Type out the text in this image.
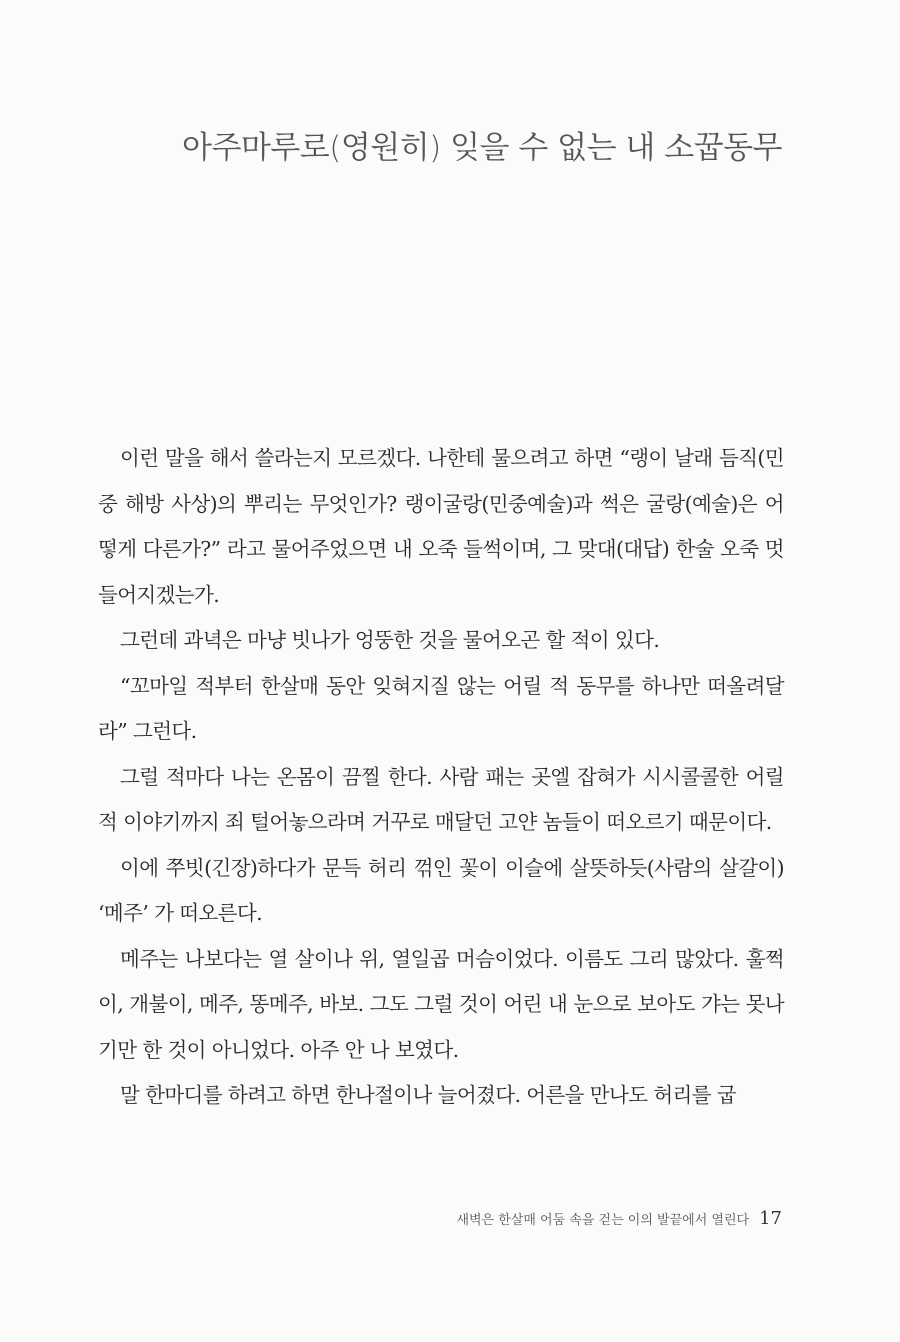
아주마루로(영원히) 잊을 수 없는 내 소꿉동무

이런 말을 해서 쓸라는지 모르겠다. 나한테 물으려고 하면 “랭이 날래 듬직(민중 해방 사상)의 뿌리는 무엇인가? 랭이굴랑(민중예술)과 썩은 굴랑(예술)은 어떻게 다른가?” 라고 물어주었으면 내 오죽 들썩이며, 그 맞대(대답) 한술 오죽 멋들어지겠는가.

그런데 과녁은 마냥 빗나가 엉뚱한 것을 물어오곤 할 적이 있다.

“꼬마일 적부터 한살매 동안 잊혀지질 않는 어릴 적 동무를 하나만 떠올려달라” 그런다.

그럴 적마다 나는 온몸이 끔찔 한다. 사람 패는 곳엘 잡혀가 시시콜콜한 어릴 적 이야기까지 죄 털어놓으라며 거꾸로 매달던 고얀 놈들이 떠오르기 때문이다.

이에 쭈빗(긴장)하다가 문득 허리 꺾인 꽃이 이슬에 살뜻하듯(사람의 살갈이) ‘메주’ 가 떠오른다.

메주는 나보다는 열 살이나 위, 열일곱 머슴이었다. 이름도 그리 많았다. 훌쩍이, 개불이, 메주, 똥메주, 바보. 그도 그럴 것이 어린 내 눈으로 보아도 갸는 못나기만 한 것이 아니었다. 아주 안 나 보였다.

말 한마디를 하려고 하면 한나절이나 늘어졌다. 어른을 만나도 허리를 굽

새벽은 한살매 어둠 속을 걷는 이의 발끝에서 열린다 17
